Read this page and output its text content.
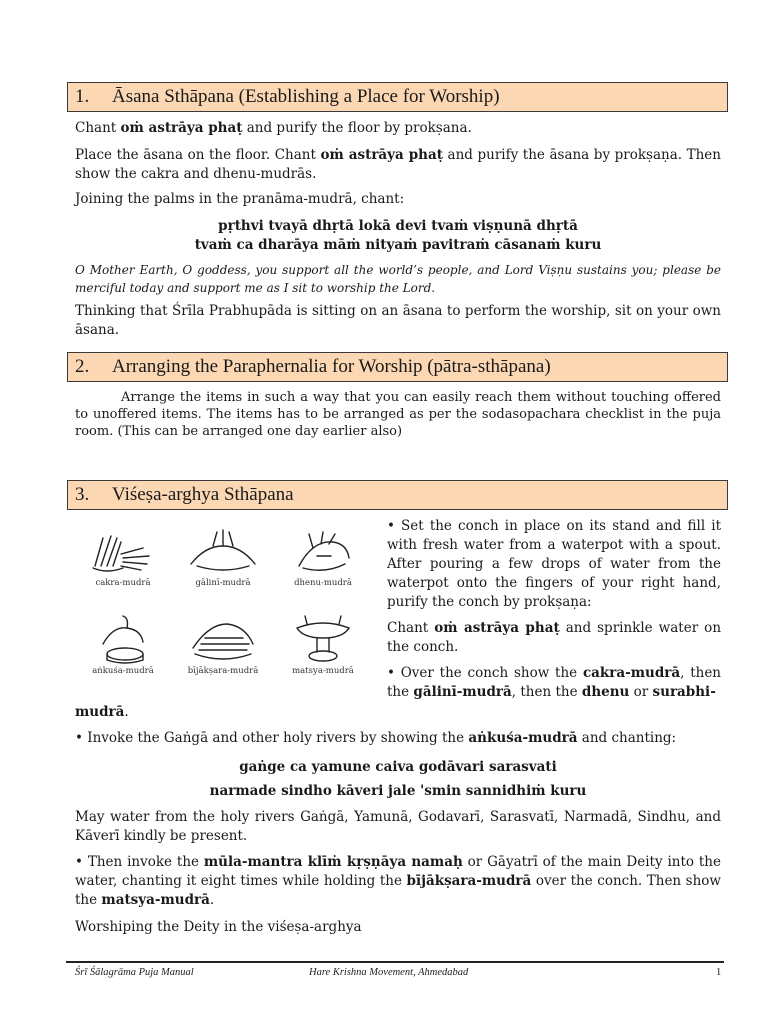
1. Āsana Sthāpana (Establishing a Place for Worship)

Chant oṁ astrāya phaṭ and purify the floor by prokṣana.

Place the āsana on the floor. Chant oṁ astrāya phaṭ and purify the āsana by prokṣaṇa. Then show the cakra and dhenu-mudrās.

Joining the palms in the pranāma-mudrā, chant:

pṛthvi tvayā dhṛtā lokā devi tvaṁ viṣṇunā dhṛtā

tvaṁ ca dharāya māṁ nityaṁ pavitraṁ cāsanaṁ kuru

O Mother Earth, O goddess, you support all the world’s people, and Lord Viṣṇu sustains you; please be merciful today and support me as I sit to worship the Lord.

Thinking that Śrīla Prabhupāda is sitting on an āsana to perform the worship, sit on your own āsana.

2. Arranging the Paraphernalia for Worship (pātra-sthāpana)

Arrange the items in such a way that you can easily reach them without touching offered to unoffered items. The items has to be arranged as per the sodasopachara checklist in the puja room. (This can be arranged one day earlier also)

3. Viśeṣa-arghya Sthāpana
cakra-mudrā	gālinī-mudrā	dhenu-mudrā
aṅkuśa-mudrā	bījākṣara-mudrā	matsya-mudrā

• Set the conch in place on its stand and fill it with fresh water from a waterpot with a spout. After pouring a few drops of water from the waterpot onto the fingers of your right hand, purify the conch by prokṣaṇa:

Chant oṁ astrāya phaṭ and sprinkle water on the conch.

• Over the conch show the cakra-mudrā, then the gālinī-mudrā, then the dhenu or surabhi-

mudrā.

• Invoke the Gaṅgā and other holy rivers by showing the aṅkuśa-mudrā and chanting:

gaṅge ca yamune caiva godāvari sarasvati

narmade sindho kāveri jale 'smin sannidhiṁ kuru

May water from the holy rivers Gaṅgā, Yamunā, Godavarī, Sarasvatī, Narmadā, Sindhu, and Kāverī kindly be present.

• Then invoke the mūla-mantra klīṁ kṛṣṇāya namaḥ or Gāyatrī of the main Deity into the water, chanting it eight times while holding the bījākṣara-mudrā over the conch. Then show the matsya-mudrā.

Worshiping the Deity in the viśeṣa-arghya

Śrī Śālagrāma Puja Manual	Hare Krishna Movement, Ahmedabad	1
